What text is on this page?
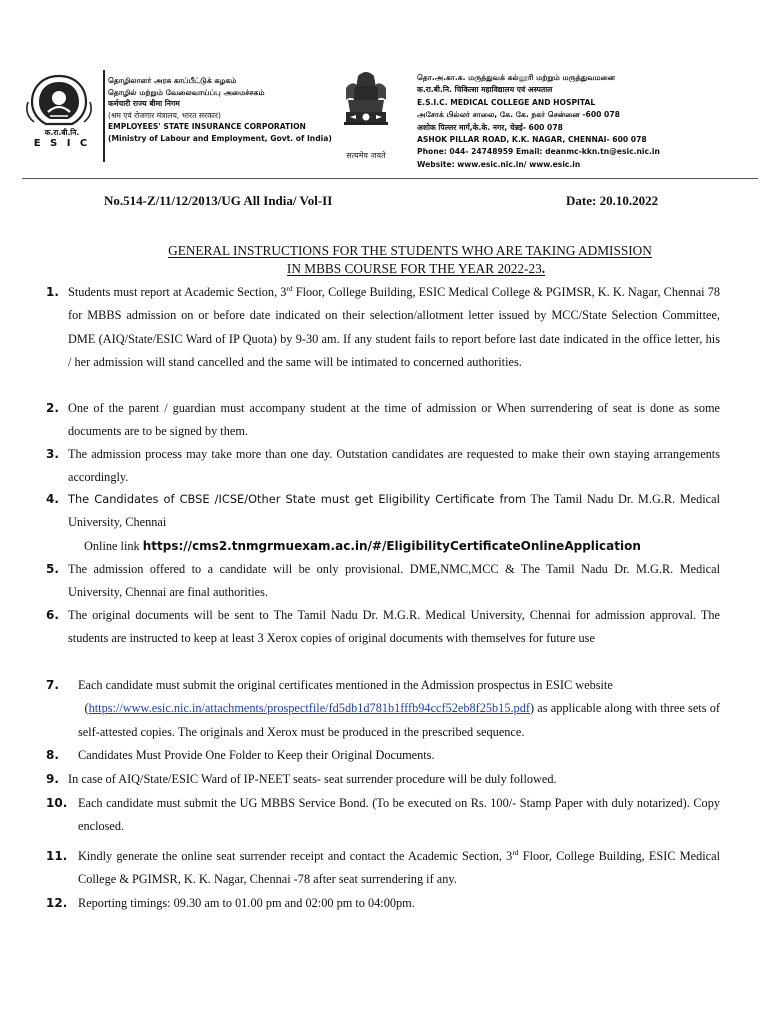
क.रा.बी.नि.
E S I C
தொழிலாளர் அரசு காப்பீட்டுக் கழகம்
தொழில் மற்றும் வேலைவாய்ப்பு அமைச்சகம்
कर्मचारी राज्य बीमा निगम
(श्रम एवं रोजगार मंत्रालय, भारत सरकार)
EMPLOYEES' STATE INSURANCE CORPORATION
(Ministry of Labour and Employment, Govt. of India)
सत्यमेव जयते
தொ.அ.கா.க. மருத்துவக் கல்லூரி மற்றும் மருத்துவமனை
क.रा.बी.नि. चिकित्सा महाविद्यालय एवं अस्पताल
E.S.I.C. MEDICAL COLLEGE AND HOSPITAL
அசோக் பில்லர் சாலை, கே. கே. நகர் சென்னை -600 078
अशोक पिल्लर मार्ग,के.के. नगर, चेन्नई- 600 078
ASHOK PILLAR ROAD, K.K. NAGAR, CHENNAI- 600 078
Phone: 044- 24748959 Email: deanmc-kkn.tn@esic.nic.in
Website: www.esic.nic.in/ www.esic.in
No.514-Z/11/12/2013/UG All India/ Vol-II	Date: 20.10.2022
GENERAL INSTRUCTIONS FOR THE STUDENTS WHO ARE TAKING ADMISSION
IN MBBS COURSE FOR THE YEAR 2022-23.
1. Students must report at Academic Section, 3rd Floor, College Building, ESIC Medical College & PGIMSR, K. K. Nagar, Chennai 78 for MBBS admission on or before date indicated on their selection/allotment letter issued by MCC/State Selection Committee, DME (AIQ/State/ESIC Ward of IP Quota) by 9-30 am. If any student fails to report before last date indicated in the office letter, his / her admission will stand cancelled and the same will be intimated to concerned authorities.
2. One of the parent / guardian must accompany student at the time of admission or When surrendering of seat is done as some documents are to be signed by them.
3. The admission process may take more than one day. Outstation candidates are requested to make their own staying arrangements accordingly.
4. The Candidates of CBSE /ICSE/Other State must get Eligibility Certificate from The Tamil Nadu Dr. M.G.R. Medical University, Chennai
Online link https://cms2.tnmgrmuexam.ac.in/#/EligibilityCertificateOnlineApplication
5. The admission offered to a candidate will be only provisional. DME,NMC,MCC & The Tamil Nadu Dr. M.G.R. Medical University, Chennai are final authorities.
6. The original documents will be sent to The Tamil Nadu Dr. M.G.R. Medical University, Chennai for admission approval. The students are instructed to keep at least 3 Xerox copies of original documents with themselves for future use
7. Each candidate must submit the original certificates mentioned in the Admission prospectus in ESIC website
(https://www.esic.nic.in/attachments/prospectfile/fd5db1d781b1fffb94ccf52eb8f25b15.pdf) as applicable along with three sets of self-attested copies. The originals and Xerox must be produced in the prescribed sequence.
8. Candidates Must Provide One Folder to Keep their Original Documents.
9. In case of AIQ/State/ESIC Ward of IP-NEET seats- seat surrender procedure will be duly followed.
10. Each candidate must submit the UG MBBS Service Bond. (To be executed on Rs. 100/- Stamp Paper with duly notarized). Copy enclosed.
11. Kindly generate the online seat surrender receipt and contact the Academic Section, 3rd Floor, College Building, ESIC Medical College & PGIMSR, K. K. Nagar, Chennai -78 after seat surrendering if any.
12. Reporting timings: 09.30 am to 01.00 pm and 02:00 pm to 04:00pm.
